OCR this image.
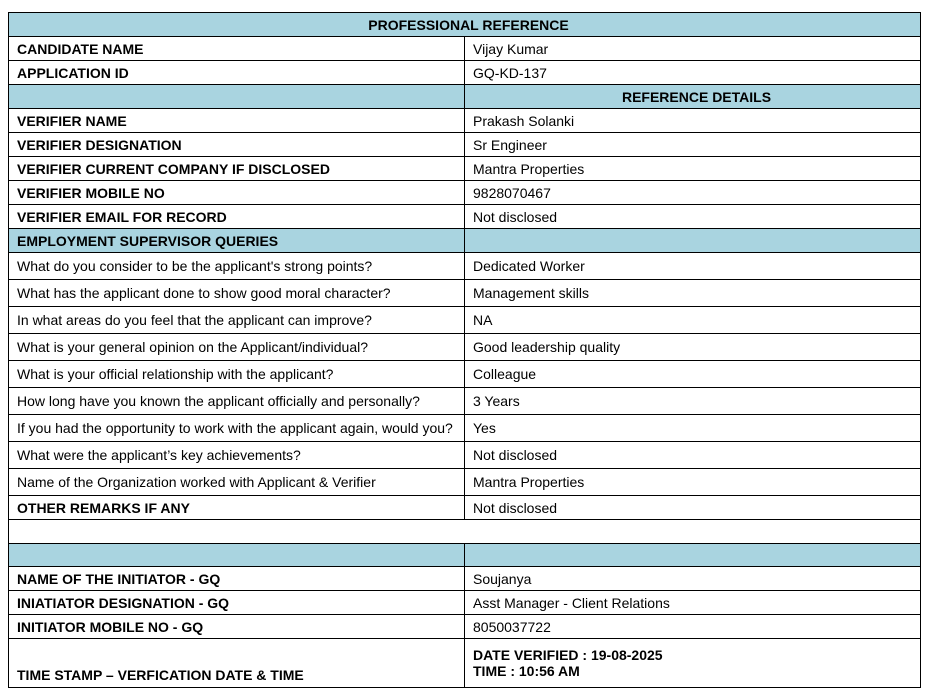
PROFESSIONAL REFERENCE	
CANDIDATE NAME	Vijay Kumar
APPLICATION ID	GQ-KD-137
	REFERENCE DETAILS
VERIFIER NAME	Prakash Solanki
VERIFIER DESIGNATION	Sr Engineer
VERIFIER CURRENT COMPANY IF DISCLOSED	Mantra Properties
VERIFIER MOBILE NO	9828070467
VERIFIER EMAIL FOR RECORD	Not disclosed
EMPLOYMENT SUPERVISOR QUERIES	
What do you consider to be the applicant's strong points?	Dedicated Worker
What has the applicant done to show good moral character?	Management skills
In what areas do you feel that the applicant can improve?	NA
What is your general opinion on the Applicant/individual?	Good leadership quality
What is your official relationship with the applicant?	Colleague
How long have you known the applicant officially and personally?	3 Years
If you had the opportunity to work with the applicant again, would you?	Yes
What were the applicant’s key achievements?	Not disclosed
Name of the Organization worked with Applicant & Verifier	Mantra Properties
OTHER REMARKS IF ANY	Not disclosed

NAME OF THE INITIATOR - GQ	Soujanya
INIATIATOR DESIGNATION - GQ	Asst Manager - Client Relations
INITIATOR MOBILE NO - GQ	8050037722
TIME STAMP – VERFICATION DATE & TIME	DATE VERIFIED : 19-08-2025
TIME : 10:56 AM
